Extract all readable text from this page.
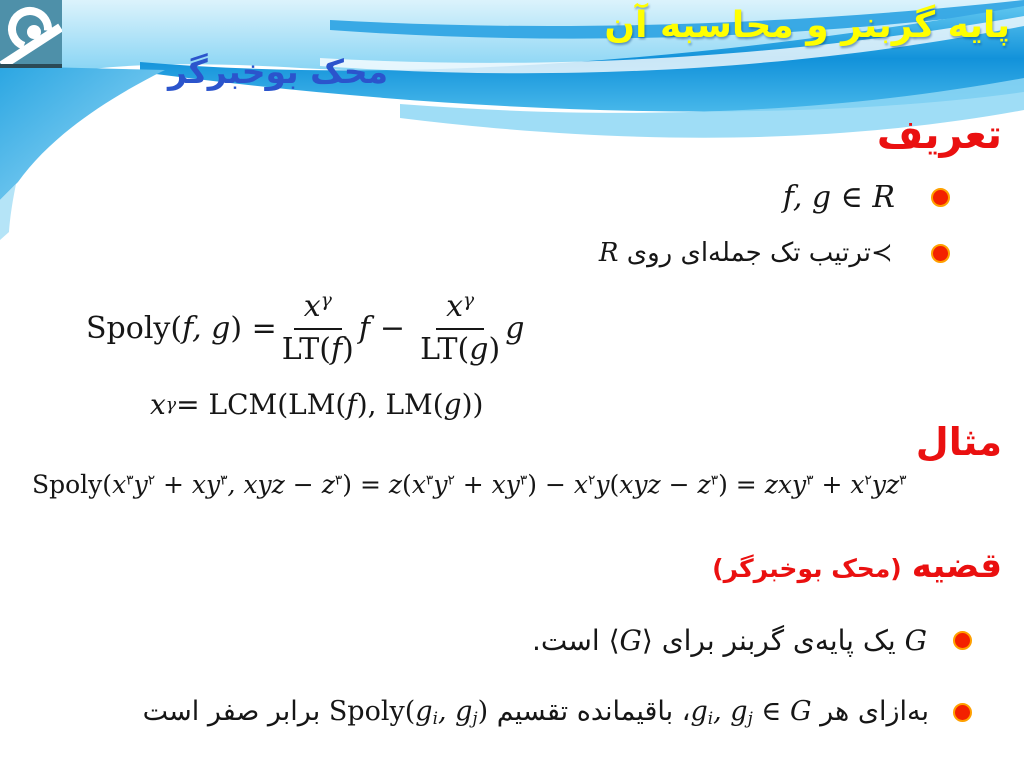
پایه گربنر و محاسبه آن
محک بوخبرگر
تعریف
f, g ∈ R
≺ ترتیب تک جمله‌ای روی R
Spoly(f, $g) = \frac{x^\gamma}{LT(f)}$ $f - \frac{x^\gamma}{LT(g)}$ g
x γ = LCM(LM( f ), LM( g ))
مثال
$Spoly(x^۳y^۲ + xy^۳$, xyz − $z^۳) = z(x^۳y^۲ + xy^۳) - x^۲y(xyz - z^۳) = zxy^۳ + x^۲yz^۳$
قضیه
(محک بوخبرگر)
G یک پایه‌ی گربنر برای ⟨G⟩ است.
به‌ازای هر gi, gj ∈ G، باقیمانده تقسیم Spoly(gi, gj) برابر صفر است
